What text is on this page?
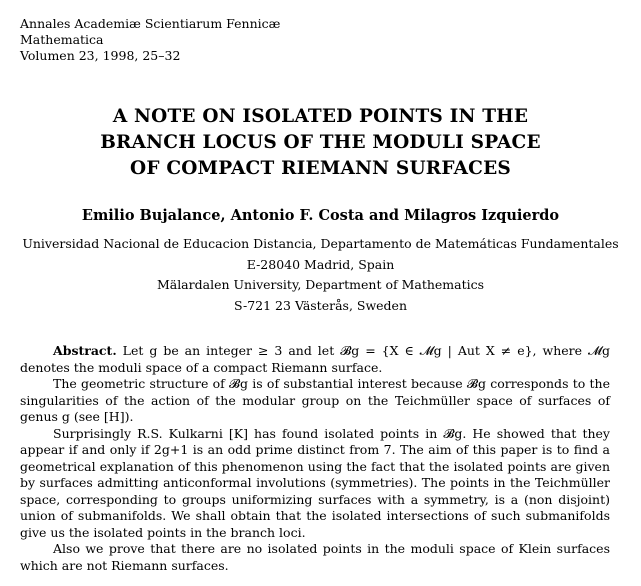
Annales Academiæ Scientiarum Fennicæ
Mathematica
Volumen 23, 1998, 25–32
A NOTE ON ISOLATED POINTS IN THE
BRANCH LOCUS OF THE MODULI SPACE
OF COMPACT RIEMANN SURFACES
Emilio Bujalance, Antonio F. Costa and Milagros Izquierdo
Universidad Nacional de Educacion Distancia, Departamento de Matemáticas Fundamentales
E-28040 Madrid, Spain
Mälardalen University, Department of Mathematics
S-721 23 Västerås, Sweden

Abstract. Let g be an integer ≥ 3 and let 𝓑g = {X ∈ 𝓜g | Aut X ≠ e}, where 𝓜g denotes the moduli space of a compact Riemann surface.

The geometric structure of 𝓑g is of substantial interest because 𝓑g corresponds to the singularities of the action of the modular group on the Teichmüller space of surfaces of genus g (see [H]).

Surprisingly R.S. Kulkarni [K] has found isolated points in 𝓑g. He showed that they appear if and only if 2g+1 is an odd prime distinct from 7. The aim of this paper is to find a geometrical explanation of this phenomenon using the fact that the isolated points are given by surfaces admitting anticonformal involutions (symmetries). The points in the Teichmüller space, corresponding to groups uniformizing surfaces with a symmetry, is a (non disjoint) union of submanifolds. We shall obtain that the isolated intersections of such submanifolds give us the isolated points in the branch loci.

Also we prove that there are no isolated points in the moduli space of Klein surfaces which are not Riemann surfaces.
